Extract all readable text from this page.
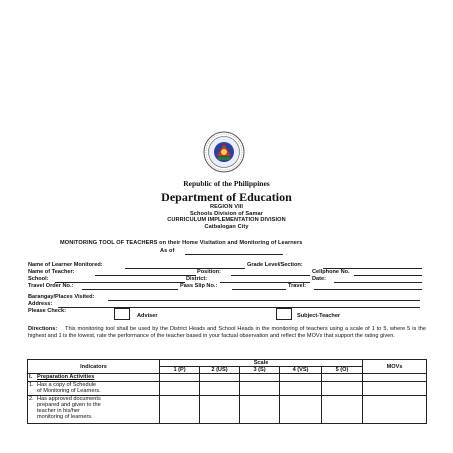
Republic of the Philippines
Department of Education
REGION VIII
Schools Division of Samar
CURRICULUM IMPLEMENTATION DIVISION
Catbalogan City
MONITORING TOOL OF TEACHERS on their Home Visitation and Monitoring of Learners
As of
Name of Learner Monitored:	Grade Level/Section:
Name of Teacher:	Position:	Cellphone No.
School:	District:	Date:
Travel Order No.:	Pass Slip No.:	Travel:
Barangay/Places Visited:
Address:
Please Check:
Adviser	Subject-Teacher
Directions: This monitoring tool shall be used by the District Heads and School Heads in the monitoring of teachers using a scale of 1 to 5, where 5 is the highest and 1 is the lowest, rate the performance of the teacher based in your factual observation and reflect the MOVs that support the rating given.
Indicators	Scale					MOVs
	1 (P)	2 (US)	3 (S)	4 (VS)	5 (O)	
I. Preparation Activities						

1. Has a copy of Schedule of Monitoring of Learners.						

2. Has approved documents prepared and given to the teacher in his/her monitoring of learners.						
